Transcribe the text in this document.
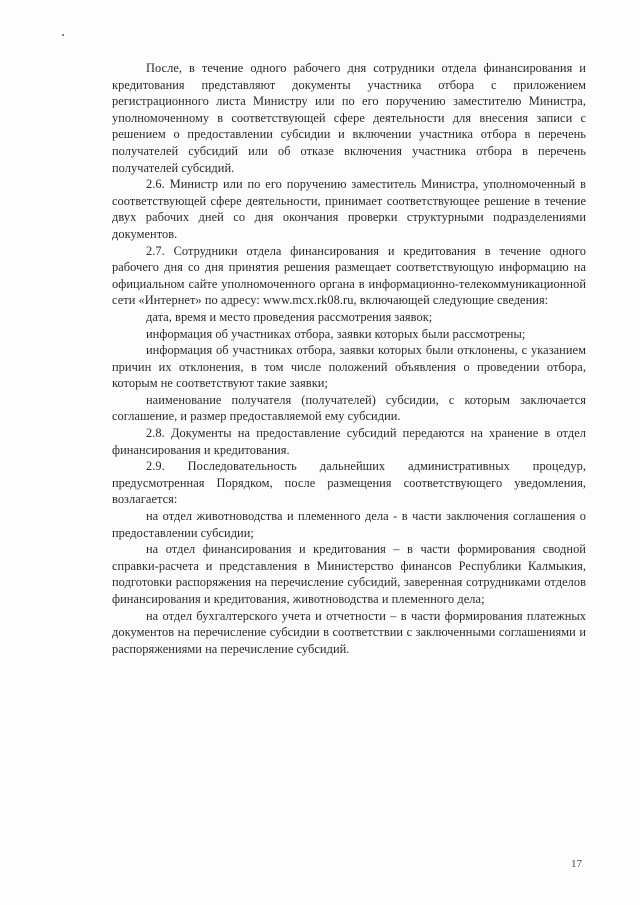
После, в течение одного рабочего дня сотрудники отдела финансирования и кредитования представляют документы участника отбора с приложением регистрационного листа Министру или по его поручению заместителю Министра, уполномоченному в соответствующей сфере деятельности для внесения записи с решением о предоставлении субсидии и включении участника отбора в перечень получателей субсидий или об отказе включения участника отбора в перечень получателей субсидий.

2.6. Министр или по его поручению заместитель Министра, уполномоченный в соответствующей сфере деятельности, принимает соответствующее решение в течение двух рабочих дней со дня окончания проверки структурными подразделениями документов.

2.7. Сотрудники отдела финансирования и кредитования в течение одного рабочего дня со дня принятия решения размещает соответствующую информацию на официальном сайте уполномоченного органа в информационно-телекоммуникационной сети «Интернет» по адресу: www.mcx.rk08.ru, включающей следующие сведения:

дата, время и место проведения рассмотрения заявок;

информация об участниках отбора, заявки которых были рассмотрены;

информация об участниках отбора, заявки которых были отклонены, с указанием причин их отклонения, в том числе положений объявления о проведении отбора, которым не соответствуют такие заявки;

наименование получателя (получателей) субсидии, с которым заключается соглашение, и размер предоставляемой ему субсидии.

2.8. Документы на предоставление субсидий передаются на хранение в отдел финансирования и кредитования.

2.9. Последовательность дальнейших административных процедур, предусмотренная Порядком, после размещения соответствующего уведомления, возлагается:

на отдел животноводства и племенного дела - в части заключения соглашения о предоставлении субсидии;

на отдел финансирования и кредитования – в части формирования сводной справки-расчета и представления в Министерство финансов Республики Калмыкия, подготовки распоряжения на перечисление субсидий, заверенная сотрудниками отделов финансирования и кредитования, животноводства и племенного дела;

на отдел бухгалтерского учета и отчетности – в части формирования платежных документов на перечисление субсидии в соответствии с заключенными соглашениями и распоряжениями на перечисление субсидий.

17
